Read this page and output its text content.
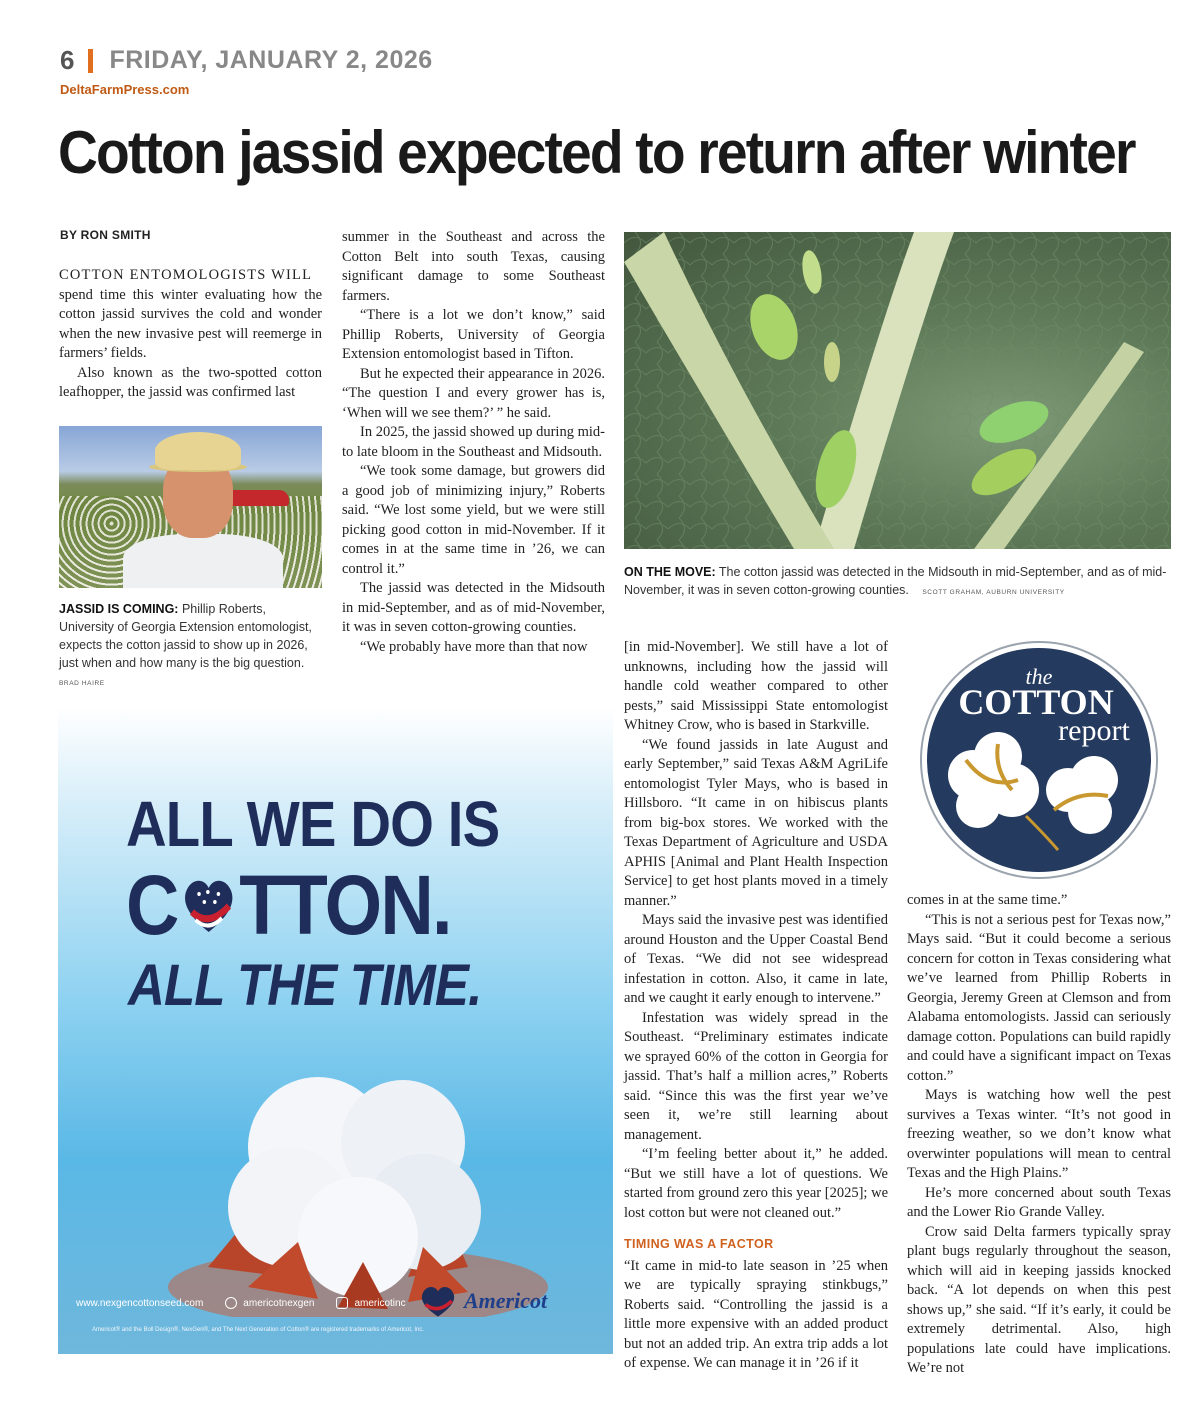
6 FRIDAY, JANUARY 2, 2026
DeltaFarmPress.com
Cotton jassid expected to return after winter
BY RON SMITH

COTTON ENTOMOLOGISTS WILL

spend time this winter evaluating how the cotton jassid survives the cold and wonder when the new invasive pest will reemerge in farmers’ fields.

Also known as the two-spotted cotton leafhopper, the jassid was confirmed last

JASSID IS COMING: Phillip Roberts, University of Georgia Extension entomologist, expects the cotton jassid to show up in 2026, just when and how many is the big question. BRAD HAIRE

summer in the Southeast and across the Cotton Belt into south Texas, causing significant damage to some Southeast farmers.

“There is a lot we don’t know,” said Phillip Roberts, University of Georgia Extension entomologist based in Tifton.

But he expected their appearance in 2026. “The question I and every grower has is, ‘When will we see them?’ ” he said.

In 2025, the jassid showed up during mid- to late bloom in the Southeast and Midsouth.

“We took some damage, but growers did a good job of minimizing injury,” Roberts said. “We lost some yield, but we were still picking good cotton in mid-November. If it comes in at the same time in ’26, we can control it.”

The jassid was detected in the Midsouth in mid-September, and as of mid-November, it was in seven cotton-growing counties.

“We probably have more than that now

ON THE MOVE: The cotton jassid was detected in the Midsouth in mid-September, and as of mid-November, it was in seven cotton-growing counties. SCOTT GRAHAM, AUBURN UNIVERSITY

[in mid-November]. We still have a lot of unknowns, including how the jassid will handle cold weather compared to other pests,” said Mississippi State entomologist Whitney Crow, who is based in Starkville.

“We found jassids in late August and early September,” said Texas A&M AgriLife entomologist Tyler Mays, who is based in Hillsboro. “It came in on hibiscus plants from big-box stores. We worked with the Texas Department of Agriculture and USDA APHIS [Animal and Plant Health Inspection Service] to get host plants moved in a timely manner.”

Mays said the invasive pest was identified around Houston and the Upper Coastal Bend of Texas. “We did not see widespread infestation in cotton. Also, it came in late, and we caught it early enough to intervene.”

Infestation was widely spread in the Southeast. “Preliminary estimates indicate we sprayed 60% of the cotton in Georgia for jassid. That’s half a million acres,” Roberts said. “Since this was the first year we’ve seen it, we’re still learning about management.

“I’m feeling better about it,” he added. “But we still have a lot of questions. We started from ground zero this year [2025]; we lost cotton but were not cleaned out.”

TIMING WAS A FACTOR

“It came in mid-to late season in ’25 when we are typically spraying stinkbugs,” Roberts said. “Controlling the jassid is a little more expensive with an added product but not an added trip. An extra trip adds a lot of expense. We can manage it in ’26 if it

the
COTTON
report

comes in at the same time.”

“This is not a serious pest for Texas now,” Mays said. “But it could become a serious concern for cotton in Texas considering what we’ve learned from Phillip Roberts in Georgia, Jeremy Green at Clemson and from Alabama entomologists. Jassid can seriously damage cotton. Populations can build rapidly and could have a significant impact on Texas cotton.”

Mays is watching how well the pest survives a Texas winter. “It’s not good in freezing weather, so we don’t know what overwinter populations will mean to central Texas and the High Plains.”

He’s more concerned about south Texas and the Lower Rio Grande Valley.

Crow said Delta farmers typically spray plant bugs regularly throughout the season, which will aid in keeping jassids knocked back. “A lot depends on when this pest shows up,” she said. “If it’s early, it could be extremely detrimental. Also, high populations late could have implications. We’re not

ALL WE DO IS
C TTON.
ALL THE TIME.
www.nexgencottonseed.com	americotnexgen	americotinc	Americot
Americot® and the Boll Design®, NexGen®, and The Next Generation of Cotton® are registered trademarks of Americot, Inc.
